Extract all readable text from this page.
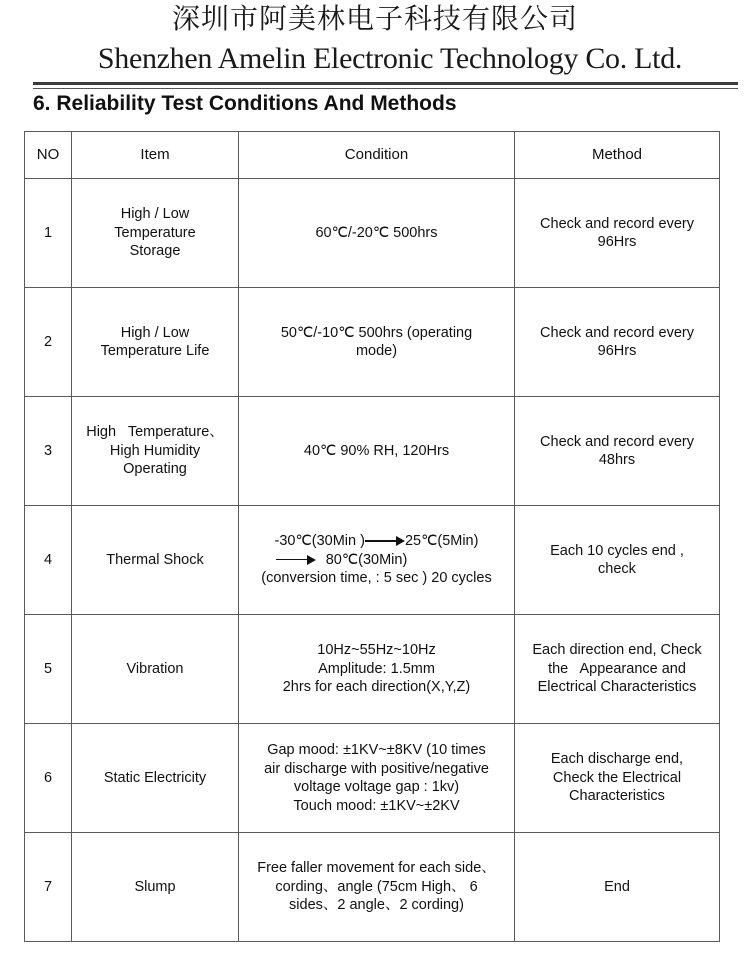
深圳市阿美林电子科技有限公司
Shenzhen Amelin Electronic Technology Co. Ltd.
6. Reliability Test Conditions And Methods
NO	Item	Condition	Method
1	High / Low
Temperature
Storage	60℃/-20℃ 500hrs	Check and record every
96Hrs

2	High / Low
Temperature Life	50℃/-10℃ 500hrs (operating
mode)	Check and record every
96Hrs

3	High   Temperature、
High Humidity
Operating	40℃ 90% RH, 120Hrs	Check and record every
48hrs

4	Thermal Shock	-30℃(30Min ) 25℃(5Min)
80℃(30Min)
(conversion time, : 5 sec ) 20 cycles	Each 10 cycles end ,
check

5	Vibration	10Hz~55Hz~10Hz
Amplitude: 1.5mm
2hrs for each direction(X,Y,Z)	Each direction end, Check
the   Appearance and
Electrical Characteristics

6	Static Electricity	Gap mood: ±1KV~±8KV (10 times
air discharge with positive/negative
voltage voltage gap : 1kv)
Touch mood: ±1KV~±2KV	Each discharge end,
Check the Electrical
Characteristics

7	Slump	Free faller movement for each side、
cording、angle (75cm High、 6
sides、2 angle、2 cording)	End
